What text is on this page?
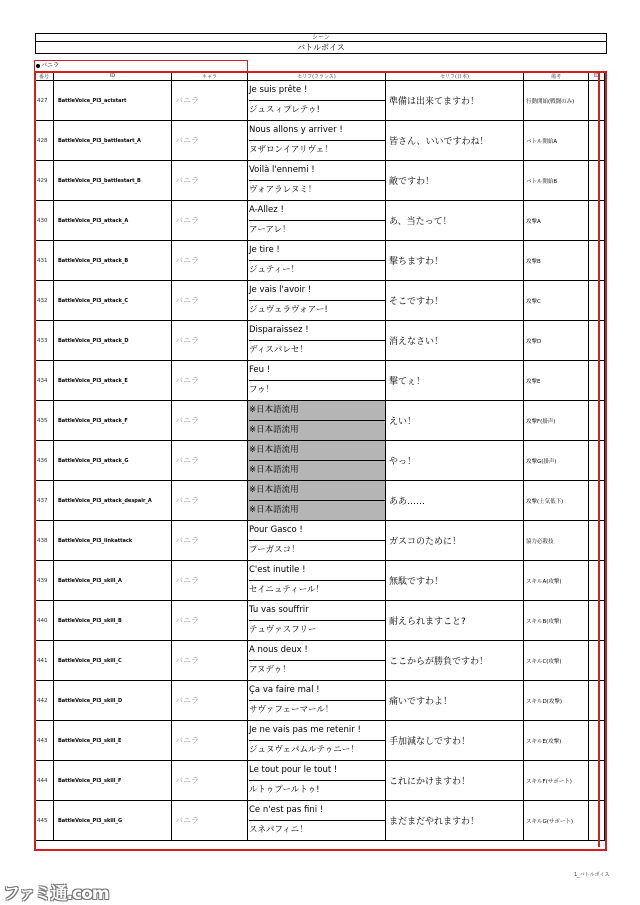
シーン
バトルボイス
バニラ
番号	ID	キャラ	セリフ(フランス)	セリフ(日本)	備考	ID
427	BattleVoice_Pl3_actstart	バニラ	Je suis prête !
ジュスィプレテゥ!	準備は出来てますわ！	行動開始(戦闘のみ)	
428	BattleVoice_Pl3_battlestart_A	バニラ	Nous allons y arriver !
ヌザロンイアリヴェ！	皆さん、いいですわね！	バトル開始A	
429	BattleVoice_Pl3_battlestart_B	バニラ	Voilà l'ennemi !
ヴォアラレヌミ！	敵ですわ！	バトル開始B	
430	BattleVoice_Pl3_attack_A	バニラ	A-Allez !
アーアレ！	あ、当たって！	攻撃A	
431	BattleVoice_Pl3_attack_B	バニラ	Je tire !
ジュティー！	撃ちますわ！	攻撃B	
432	BattleVoice_Pl3_attack_C	バニラ	Je vais l'avoir !
ジュヴェラヴォアー!	そこですわ！	攻撃C	
433	BattleVoice_Pl3_attack_D	バニラ	Disparaissez !
ディスパレセ！	消えなさい！	攻撃D	
434	BattleVoice_Pl3_attack_E	バニラ	Feu !
フゥ！	撃てぇ！	攻撃E	
435	BattleVoice_Pl3_attack_F	バニラ	※日本語流用
※日本語流用	えい！	攻撃F(掛声)	
436	BattleVoice_Pl3_attack_G	バニラ	※日本語流用
※日本語流用	やっ！	攻撃G(掛声)	
437	BattleVoice_Pl3_attack_despair_A	バニラ	※日本語流用
※日本語流用	ああ……	攻撃(士気低下)	
438	BattleVoice_Pl3_linkattack	バニラ	Pour Gasco !
プーガスコ！	ガスコのために！	協力必殺技	
439	BattleVoice_Pl3_skill_A	バニラ	C'est inutile !
セイニュティール！	無駄ですわ！	スキルA(攻撃)	
440	BattleVoice_Pl3_skill_B	バニラ	Tu vas souffrir
テュヴァスフリー	耐えられますこと?	スキルB(攻撃)	
441	BattleVoice_Pl3_skill_C	バニラ	A nous deux !
アヌデゥ！	ここからが勝負ですわ！	スキルC(攻撃)	
442	BattleVoice_Pl3_skill_D	バニラ	Ça va faire mal !
サヴァフェーマール！	痛いですわよ！	スキルD(攻撃)	
443	BattleVoice_Pl3_skill_E	バニラ	Je ne vais pas me retenir !
ジュヌヴェパムルテゥニー！	手加減なしですわ！	スキルE(攻撃)	
444	BattleVoice_Pl3_skill_F	バニラ	Le tout pour le tout !
ルトゥプールトゥ!	これにかけますわ！	スキルF(サポート)	
445	BattleVoice_Pl3_skill_G	バニラ	Ce n'est pas fini !
スネパフィニ！	まだまだやれますわ！	スキルG(サポート)	
1_バトルボイス
ファミ通.com
